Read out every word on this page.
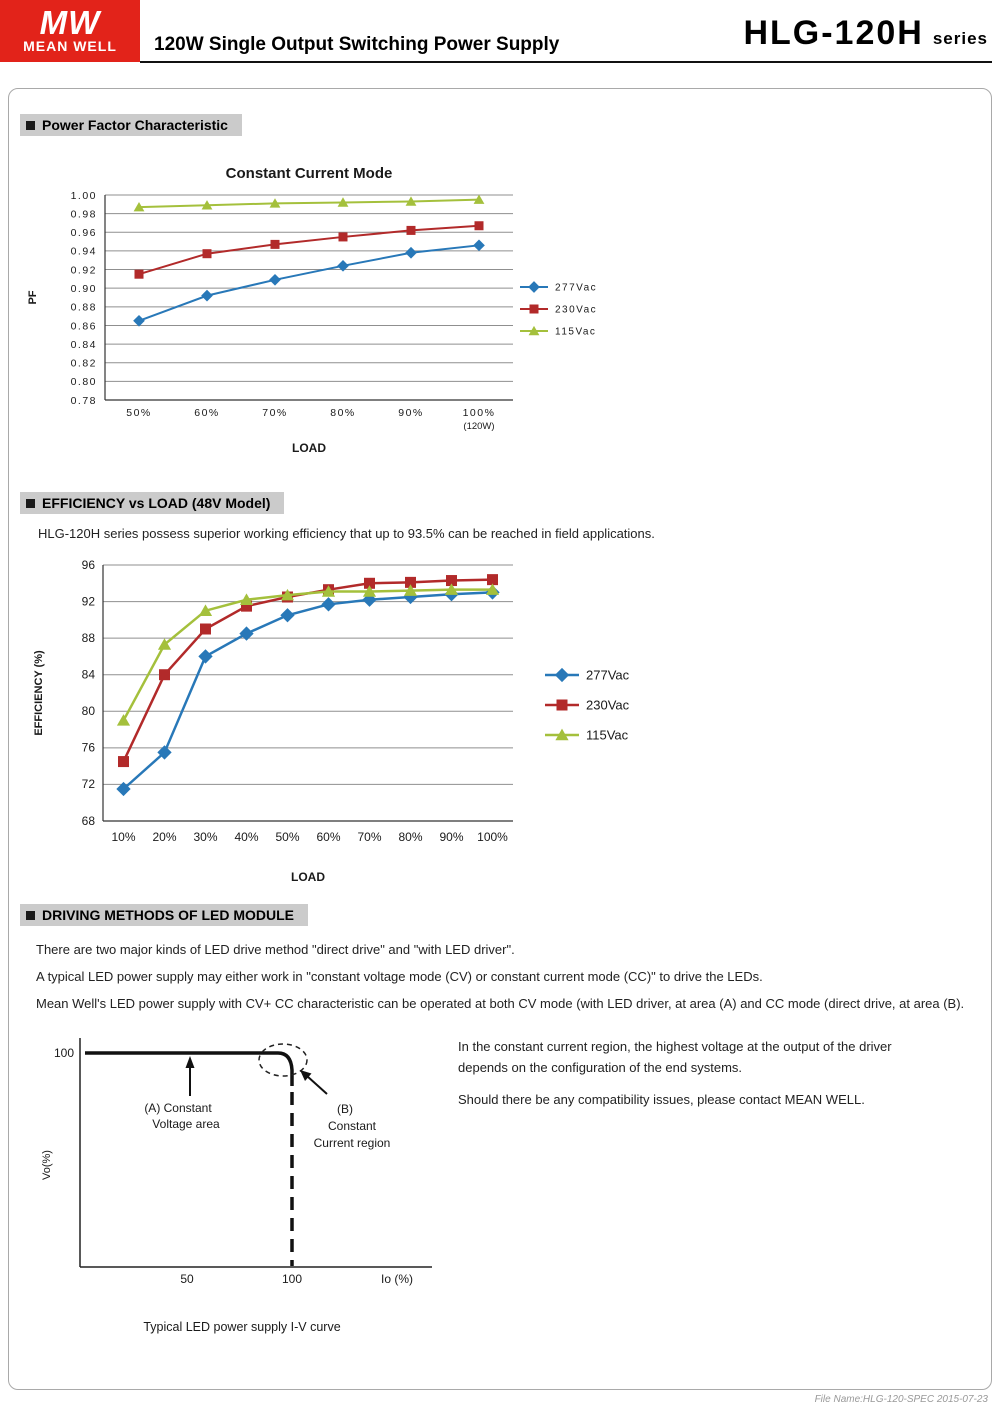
MW
MEAN WELL 120W Single Output Switching Power Supply	HLG-120H series
Power Factor Characteristic
1.00
0.98
0.96
0.94
0.92
0.90
0.88
0.86
0.84
0.82
0.80
0.78
50%	60%	70%	80%	90%	100%
(120W)
Constant Current Mode
PF
LOAD
277Vac
230Vac
115Vac
EFFICIENCY vs LOAD (48V Model)
HLG-120H series possess superior working efficiency that up to 93.5% can be reached in field applications.
96
92
88
84
80
76
72
68
10% 20% 30% 40% 50% 60% 70% 80% 90% 100%
EFFICIENCY (%)
LOAD
277Vac
230Vac
115Vac
DRIVING METHODS OF LED MODULE
There are two major kinds of LED drive method "direct drive" and "with LED driver".
A typical LED power supply may either work in "constant voltage mode (CV) or constant current mode (CC)" to drive the LEDs.
Mean Well's LED power supply with CV+ CC characteristic can be operated at both CV mode (with LED driver, at area (A) and CC mode (direct drive, at area (B).
100
Vo(%)
(A) Constant
Voltage area
(B)
Constant
Current region
50	100	Io (%)
Typical LED power supply I-V curve
In the constant current region, the highest voltage at the output of the driver depends on the configuration of the end systems.
Should there be any compatibility issues, please contact MEAN WELL.
File Name:HLG-120-SPEC 2015-07-23
